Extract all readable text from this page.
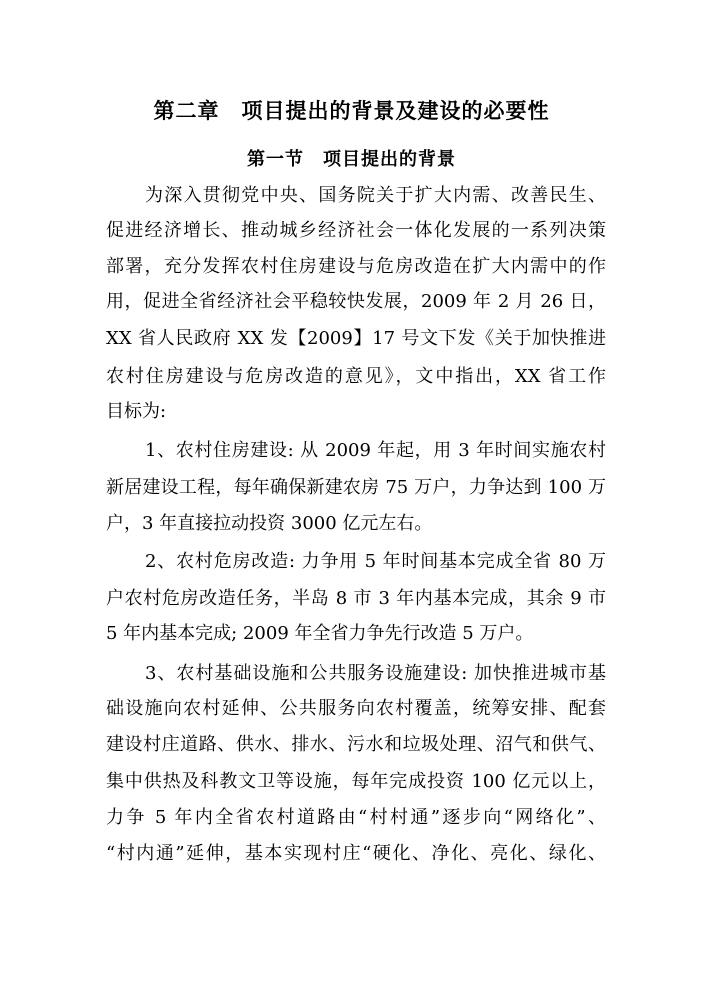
第二章　项目提出的背景及建设的必要性
第一节　项目提出的背景
为深入贯彻党中央、国务院关于扩大内需、改善民生、
促进经济增长、推动城乡经济社会一体化发展的一系列决策
部署，充分发挥农村住房建设与危房改造在扩大内需中的作
用，促进全省经济社会平稳较快发展，2009 年 2 月 26 日，
XX 省人民政府 XX 发【2009】17 号文下发《关于加快推进
农村住房建设与危房改造的意见》，文中指出，XX 省工作
目标为:
1、农村住房建设: 从 2009 年起，用 3 年时间实施农村
新居建设工程，每年确保新建农房 75 万户，力争达到 100 万
户，3 年直接拉动投资 3000 亿元左右。
2、农村危房改造: 力争用 5 年时间基本完成全省 80 万
户农村危房改造任务，半岛 8 市 3 年内基本完成，其余 9 市
5 年内基本完成; 2009 年全省力争先行改造 5 万户。
3、农村基础设施和公共服务设施建设: 加快推进城市基
础设施向农村延伸、公共服务向农村覆盖，统筹安排、配套
建设村庄道路、供水、排水、污水和垃圾处理、沼气和供气、
集中供热及科教文卫等设施，每年完成投资 100 亿元以上，
力争 5 年内全省农村道路由“村村通”逐步向“网络化”、
“村内通”延伸，基本实现村庄“硬化、净化、亮化、绿化、
